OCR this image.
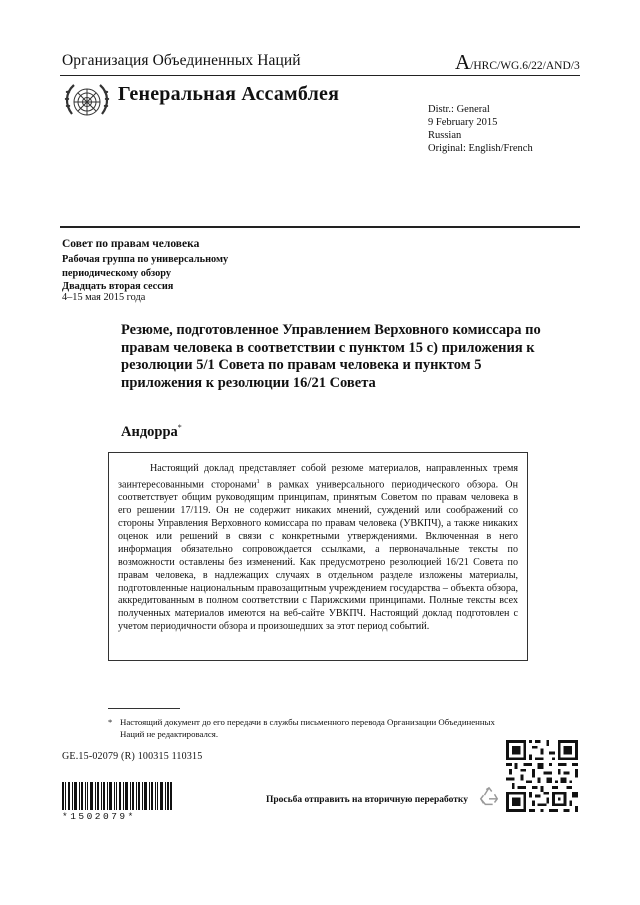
Организация Объединенных Наций	A/HRC/WG.6/22/AND/3
Генеральная Ассамблея
Distr.: General
9 February 2015
Russian
Original: English/French
Совет по правам человека
Рабочая группа по универсальному периодическому обзору
Двадцать вторая сессия
4–15 мая 2015 года
Резюме, подготовленное Управлением Верховного комиссара по правам человека в соответствии с пунктом 15 c) приложения к резолюции 5/1 Совета по правам человека и пунктом 5 приложения к резолюции 16/21 Совета
Андорра*
Настоящий доклад представляет собой резюме материалов, направленных тремя заинтересованными сторонами$^1$ в рамках универсального периодического обзора. Он соответствует общим руководящим принципам, принятым Советом по правам человека в его решении 17/119. Он не содержит никаких мнений, суждений или соображений со стороны Управления Верховного комиссара по правам человека (УВКПЧ), а также никаких оценок или решений в связи с конкретными утверждениями. Включенная в него информация обязательно сопровождается ссылками, а первоначальные тексты по возможности оставлены без изменений. Как предусмотрено резолюцией 16/21 Совета по правам человека, в надлежащих случаях в отдельном разделе изложены материалы, подготовленные национальным правозащитным учреждением государства – объекта обзора, аккредитованным в полном соответствии с Парижскими принципами. Полные тексты всех полученных материалов имеются на веб-сайте УВКПЧ. Настоящий доклад подготовлен с учетом периодичности обзора и произошедших за этот период событий.
* Настоящий документ до его передачи в службы письменного перевода Организации Объединенных Наций не редактировался.
GE.15-02079 (R) 100315 110315
*1502079*
Просьба отправить на вторичную переработку
